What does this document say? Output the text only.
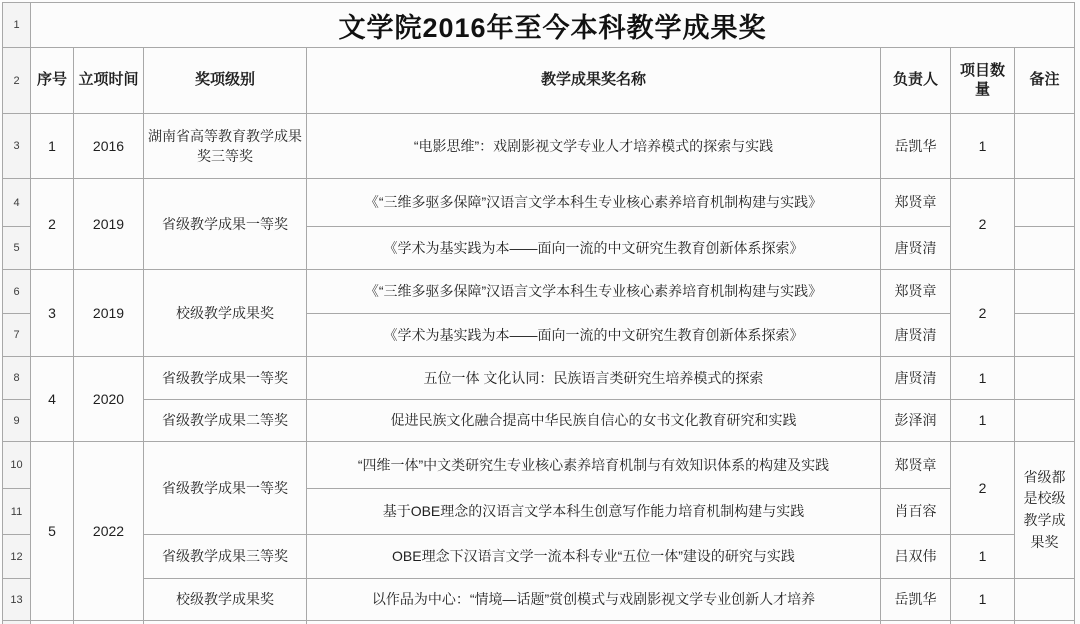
1	文学院2016年至今本科教学成果奖						
2	序号	立项时间	奖项级别	教学成果奖名称	负责人	项目数量	备注
3	1	2016	湖南省高等教育教学成果奖三等奖	“电影思维”：戏剧影视文学专业人才培养模式的探索与实践	岳凯华	1	
4	2	2019	省级教学成果一等奖	《“三维多驱多保障”汉语言文学本科生专业核心素养培育机制构建与实践》	郑贤章	2	
5				《学术为基实践为本——面向一流的中文研究生教育创新体系探索》	唐贤清		
6	3	2019	校级教学成果奖	《“三维多驱多保障”汉语言文学本科生专业核心素养培育机制构建与实践》	郑贤章	2	
7				《学术为基实践为本——面向一流的中文研究生教育创新体系探索》	唐贤清		
8	4	2020	省级教学成果一等奖	五位一体 文化认同：民族语言类研究生培养模式的探索	唐贤清	1	
9			省级教学成果二等奖	促进民族文化融合提高中华民族自信心的女书文化教育研究和实践	彭泽润	1	
10	5	2022	省级教学成果一等奖	“四维一体”中文类研究生专业核心素养培育机制与有效知识体系的构建及实践	郑贤章	2	省级都是校级教学成果奖
11				基于OBE理念的汉语言文学本科生创意写作能力培育机制构建与实践	肖百容		
12			省级教学成果三等奖	OBE理念下汉语言文学一流本科专业“五位一体”建设的研究与实践	吕双伟	1	
13			校级教学成果奖	以作品为中心：“情境—话题”赏创模式与戏剧影视文学专业创新人才培养	岳凯华	1	
